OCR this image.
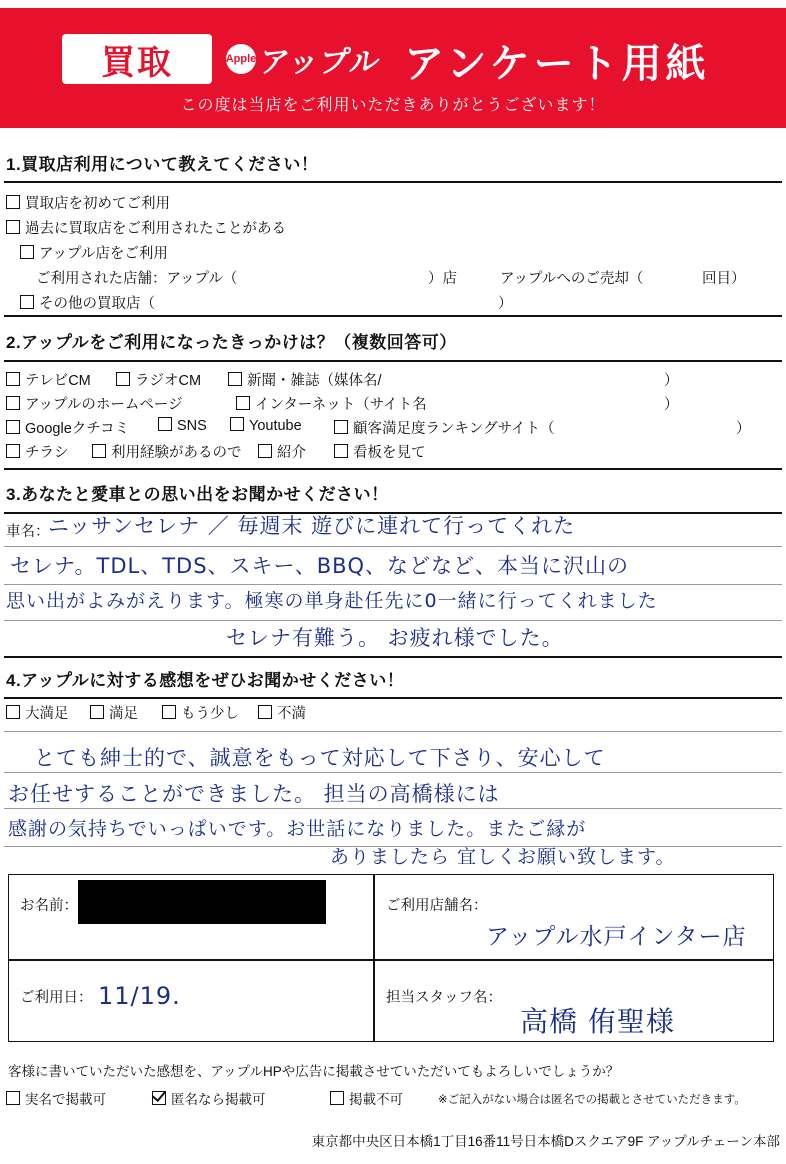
買取	Apple アップル アンケート用紙
この度は当店をご利用いただきありがとうございます！
1.買取店利用について教えてください！
買取店を初めてご利用
過去に買取店をご利用されたことがある
アップル店をご利用
ご利用された店舗：アップル（	）店	アップルへのご売却（	回目）
その他の買取店（	）
2.アップルをご利用になったきっかけは？（複数回答可）
テレビCM	ラジオCM	新聞・雑誌（媒体名/	）
アップルのホームページ	インターネット（サイト名	）
Googleクチコミ	SNS	Youtube	顧客満足度ランキングサイト（	）
チラシ	利用経験があるので	紹介	看板を見て
3.あなたと愛車との思い出をお聞かせください！
車名：
ニッサンセレナ ／ 毎週末 遊びに連れて行ってくれた
セレナ。TDL、TDS、スキー、BBQ、などなど、本当に沢山の
思い出がよみがえります。極寒の単身赴任先に0一緒に行ってくれました
セレナ有難う。 お疲れ様でした。
4.アップルに対する感想をぜひお聞かせください！
大満足	満足	もう少し	不満
とても紳士的で、誠意をもって対応して下さり、安心して
お任せすることができました。 担当の高橋様には
感謝の気持ちでいっぱいです。お世話になりました。またご縁が
ありましたら 宜しくお願い致します。
お名前：	ご利用店舗名：
アップル水戸インター店
ご利用日： 11/19.	担当スタッフ名：
高橋 侑聖様
客様に書いていただいた感想を、アップルHPや広告に掲載させていただいてもよろしいでしょうか？
実名で掲載可	匿名なら掲載可	掲載不可	※ご記入がない場合は匿名での掲載とさせていただきます。
東京都中央区日本橋1丁目16番11号日本橋Dスクエア9F アップルチェーン本部
